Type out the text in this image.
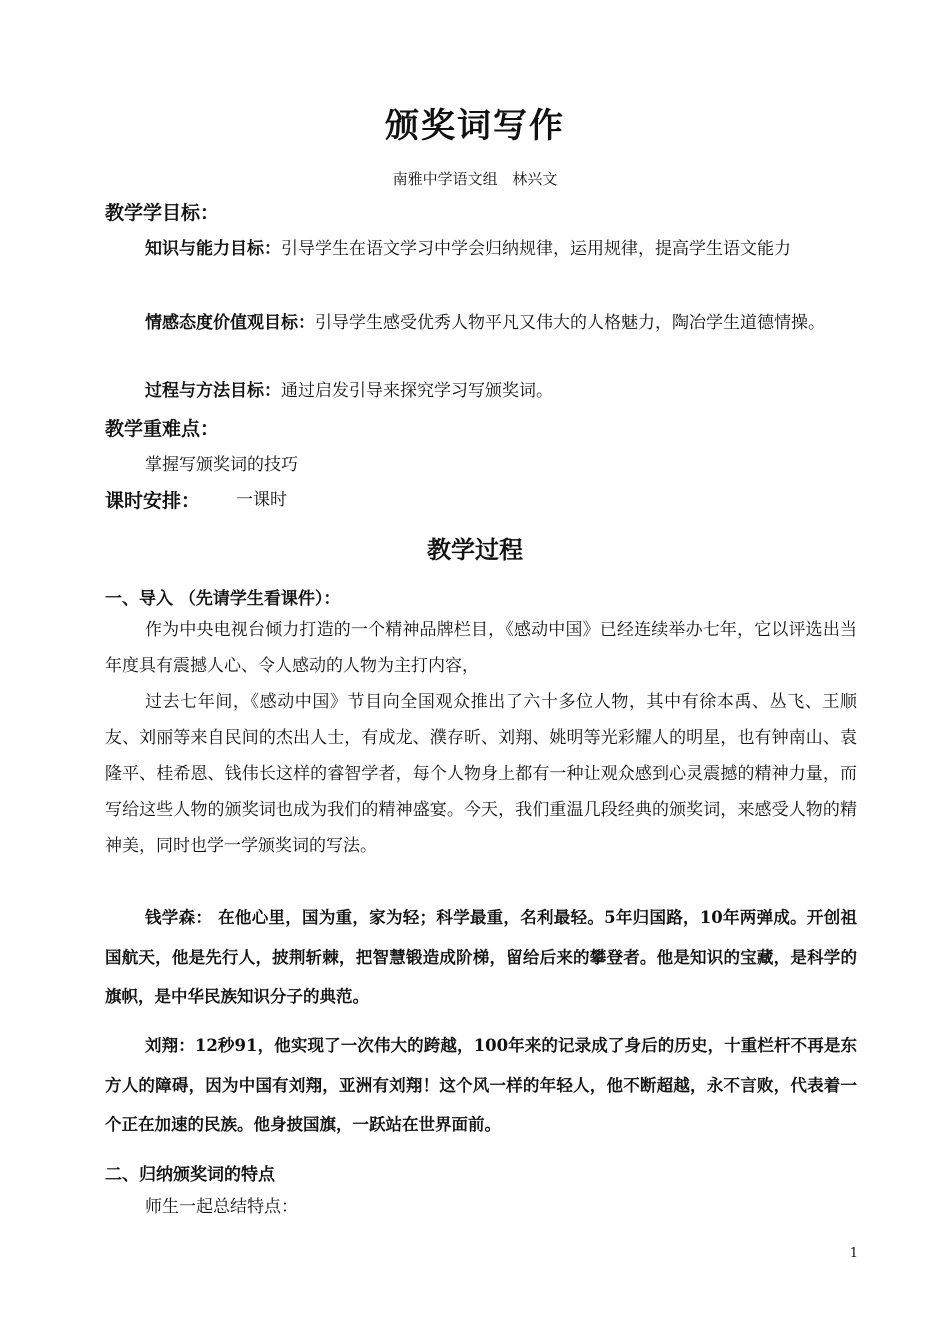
颁奖词写作
南雅中学语文组 林兴文
教学学目标：
知识与能力目标：引导学生在语文学习中学会归纳规律，运用规律，提高学生语文能力
情感态度价值观目标：引导学生感受优秀人物平凡又伟大的人格魅力，陶冶学生道德情操。
过程与方法目标：通过启发引导来探究学习写颁奖词。
教学重难点：
掌握写颁奖词的技巧
课时安排： 一课时
教学过程
一、导入 （先请学生看课件）：
作为中央电视台倾力打造的一个精神品牌栏目，《感动中国》已经连续举办七年，它以评选出当年度具有震撼人心、令人感动的人物为主打内容，
过去七年间，《感动中国》节目向全国观众推出了六十多位人物，其中有徐本禹、丛飞、王顺友、刘丽等来自民间的杰出人士，有成龙、濮存昕、刘翔、姚明等光彩耀人的明星，也有钟南山、袁隆平、桂希恩、钱伟长这样的睿智学者，每个人物身上都有一种让观众感到心灵震撼的精神力量，而写给这些人物的颁奖词也成为我们的精神盛宴。今天，我们重温几段经典的颁奖词，来感受人物的精神美，同时也学一学颁奖词的写法。
钱学森： 在他心里，国为重，家为轻；科学最重，名利最轻。5年归国路，10年两弹成。开创祖国航天，他是先行人，披荆斩棘，把智慧锻造成阶梯，留给后来的攀登者。他是知识的宝藏，是科学的旗帜，是中华民族知识分子的典范。
刘翔：12秒91，他实现了一次伟大的跨越，100年来的记录成了身后的历史，十重栏杆不再是东方人的障碍，因为中国有刘翔，亚洲有刘翔！这个风一样的年轻人，他不断超越，永不言败，代表着一个正在加速的民族。他身披国旗，一跃站在世界面前。
二、归纳颁奖词的特点
师生一起总结特点：
1
